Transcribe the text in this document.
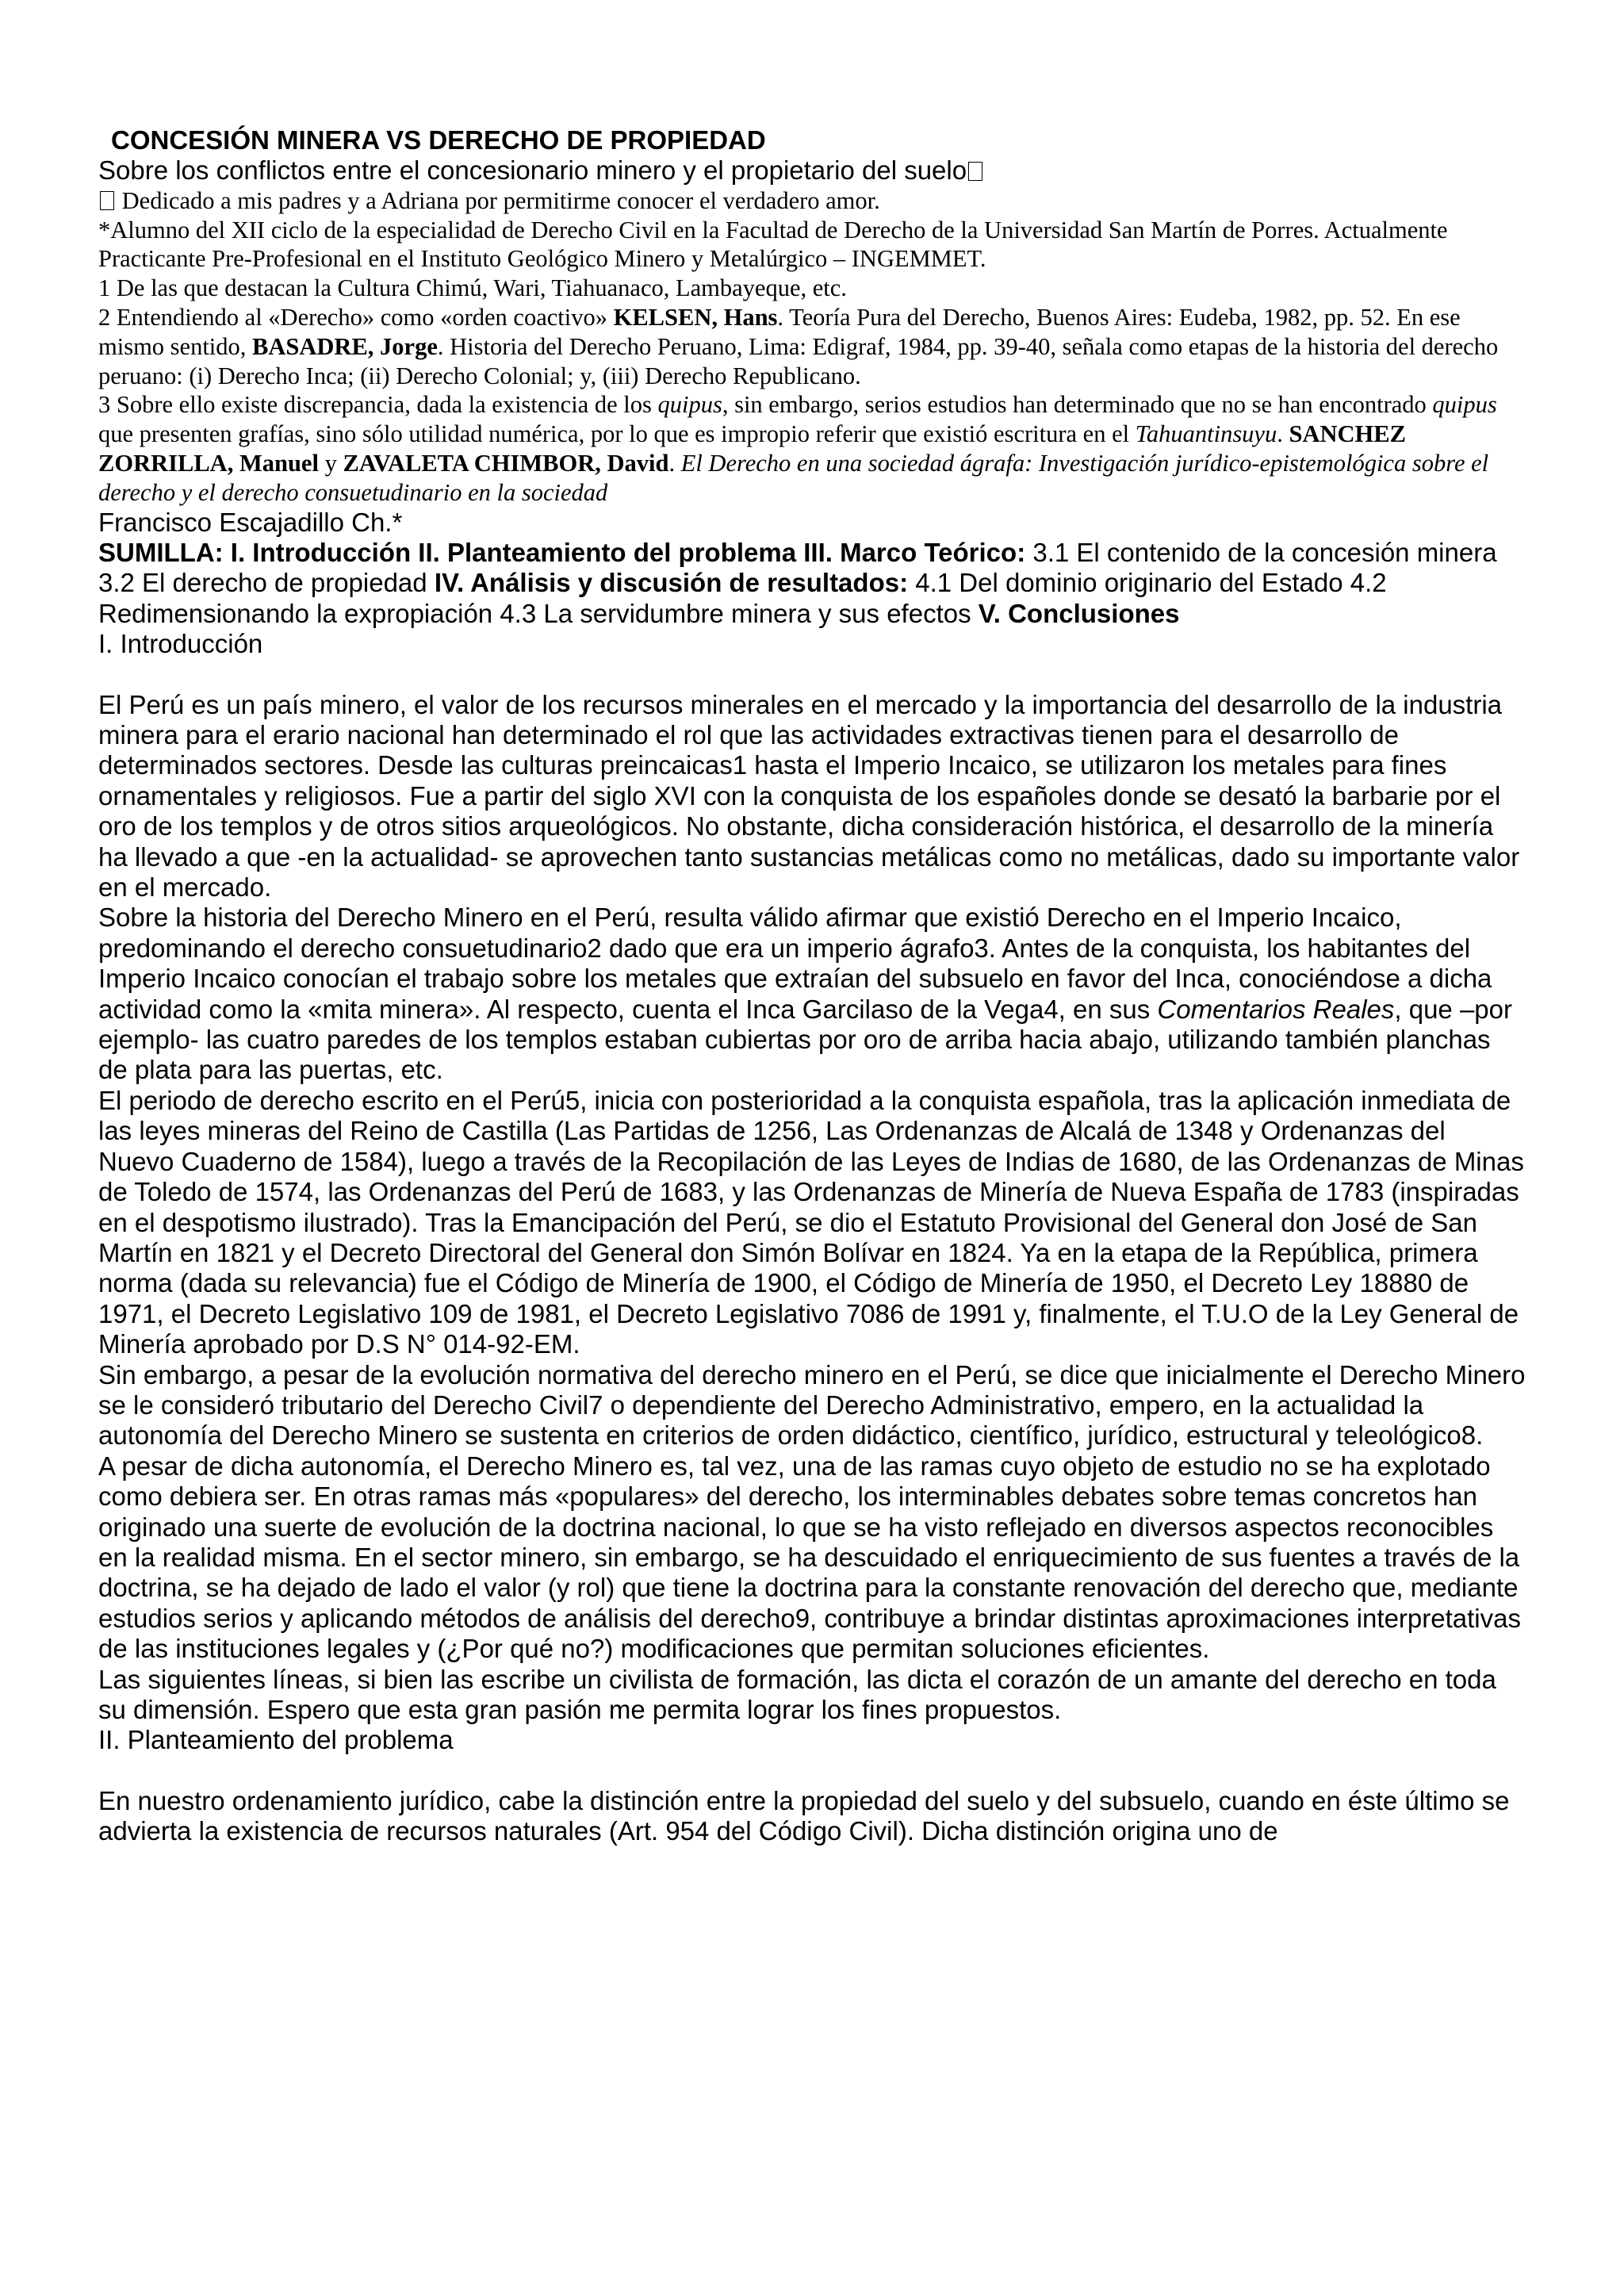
CONCESIÓN MINERA VS DERECHO DE PROPIEDAD

Sobre los conflictos entre el concesionario minero y el propietario del suelo

Dedicado a mis padres y a Adriana por permitirme conocer el verdadero amor.

*Alumno del XII ciclo de la especialidad de Derecho Civil en la Facultad de Derecho de la Universidad San Martín de Porres. Actualmente Practicante Pre-Profesional en el Instituto Geológico Minero y Metalúrgico – INGEMMET.

1 De las que destacan la Cultura Chimú, Wari, Tiahuanaco, Lambayeque, etc.

2 Entendiendo al «Derecho» como «orden coactivo» KELSEN, Hans. Teoría Pura del Derecho, Buenos Aires: Eudeba, 1982, pp. 52. En ese mismo sentido, BASADRE, Jorge. Historia del Derecho Peruano, Lima: Edigraf, 1984, pp. 39-40, señala como etapas de la historia del derecho peruano: (i) Derecho Inca; (ii) Derecho Colonial; y, (iii) Derecho Republicano.

3 Sobre ello existe discrepancia, dada la existencia de los quipus, sin embargo, serios estudios han determinado que no se han encontrado quipus que presenten grafías, sino sólo utilidad numérica, por lo que es impropio referir que existió escritura en el Tahuantinsuyu. SANCHEZ ZORRILLA, Manuel y ZAVALETA CHIMBOR, David. El Derecho en una sociedad ágrafa: Investigación jurídico-epistemológica sobre el derecho y el derecho consuetudinario en la sociedad

Francisco Escajadillo Ch.*

SUMILLA: I. Introducción II. Planteamiento del problema III. Marco Teórico: 3.1 El contenido de la concesión minera 3.2 El derecho de propiedad IV. Análisis y discusión de resultados: 4.1 Del dominio originario del Estado 4.2 Redimensionando la expropiación 4.3 La servidumbre minera y sus efectos V. Conclusiones

I. Introducción

El Perú es un país minero, el valor de los recursos minerales en el mercado y la importancia del desarrollo de la industria minera para el erario nacional han determinado el rol que las actividades extractivas tienen para el desarrollo de determinados sectores. Desde las culturas preincaicas1 hasta el Imperio Incaico, se utilizaron los metales para fines ornamentales y religiosos. Fue a partir del siglo XVI con la conquista de los españoles donde se desató la barbarie por el oro de los templos y de otros sitios arqueológicos. No obstante, dicha consideración histórica, el desarrollo de la minería ha llevado a que -en la actualidad- se aprovechen tanto sustancias metálicas como no metálicas, dado su importante valor en el mercado.

Sobre la historia del Derecho Minero en el Perú, resulta válido afirmar que existió Derecho en el Imperio Incaico, predominando el derecho consuetudinario2 dado que era un imperio ágrafo3. Antes de la conquista, los habitantes del Imperio Incaico conocían el trabajo sobre los metales que extraían del subsuelo en favor del Inca, conociéndose a dicha actividad como la «mita minera». Al respecto, cuenta el Inca Garcilaso de la Vega4, en sus Comentarios Reales, que –por ejemplo- las cuatro paredes de los templos estaban cubiertas por oro de arriba hacia abajo, utilizando también planchas de plata para las puertas, etc.

El periodo de derecho escrito en el Perú5, inicia con posterioridad a la conquista española, tras la aplicación inmediata de las leyes mineras del Reino de Castilla (Las Partidas de 1256, Las Ordenanzas de Alcalá de 1348 y Ordenanzas del Nuevo Cuaderno de 1584), luego a través de la Recopilación de las Leyes de Indias de 1680, de las Ordenanzas de Minas de Toledo de 1574, las Ordenanzas del Perú de 1683, y las Ordenanzas de Minería de Nueva España de 1783 (inspiradas en el despotismo ilustrado). Tras la Emancipación del Perú, se dio el Estatuto Provisional del General don José de San Martín en 1821 y el Decreto Directoral del General don Simón Bolívar en 1824. Ya en la etapa de la República, primera norma (dada su relevancia) fue el Código de Minería de 1900, el Código de Minería de 1950, el Decreto Ley 18880 de 1971, el Decreto Legislativo 109 de 1981, el Decreto Legislativo 7086 de 1991 y, finalmente, el T.U.O de la Ley General de Minería aprobado por D.S N° 014-92-EM.

Sin embargo, a pesar de la evolución normativa del derecho minero en el Perú, se dice que inicialmente el Derecho Minero se le consideró tributario del Derecho Civil7 o dependiente del Derecho Administrativo, empero, en la actualidad la autonomía del Derecho Minero se sustenta en criterios de orden didáctico, científico, jurídico, estructural y teleológico8.

A pesar de dicha autonomía, el Derecho Minero es, tal vez, una de las ramas cuyo objeto de estudio no se ha explotado como debiera ser. En otras ramas más «populares» del derecho, los interminables debates sobre temas concretos han originado una suerte de evolución de la doctrina nacional, lo que se ha visto reflejado en diversos aspectos reconocibles en la realidad misma. En el sector minero, sin embargo, se ha descuidado el enriquecimiento de sus fuentes a través de la doctrina, se ha dejado de lado el valor (y rol) que tiene la doctrina para la constante renovación del derecho que, mediante estudios serios y aplicando métodos de análisis del derecho9, contribuye a brindar distintas aproximaciones interpretativas de las instituciones legales y (¿Por qué no?) modificaciones que permitan soluciones eficientes.

Las siguientes líneas, si bien las escribe un civilista de formación, las dicta el corazón de un amante del derecho en toda su dimensión. Espero que esta gran pasión me permita lograr los fines propuestos.

II. Planteamiento del problema

En nuestro ordenamiento jurídico, cabe la distinción entre la propiedad del suelo y del subsuelo, cuando en éste último se advierta la existencia de recursos naturales (Art. 954 del Código Civil). Dicha distinción origina uno de
